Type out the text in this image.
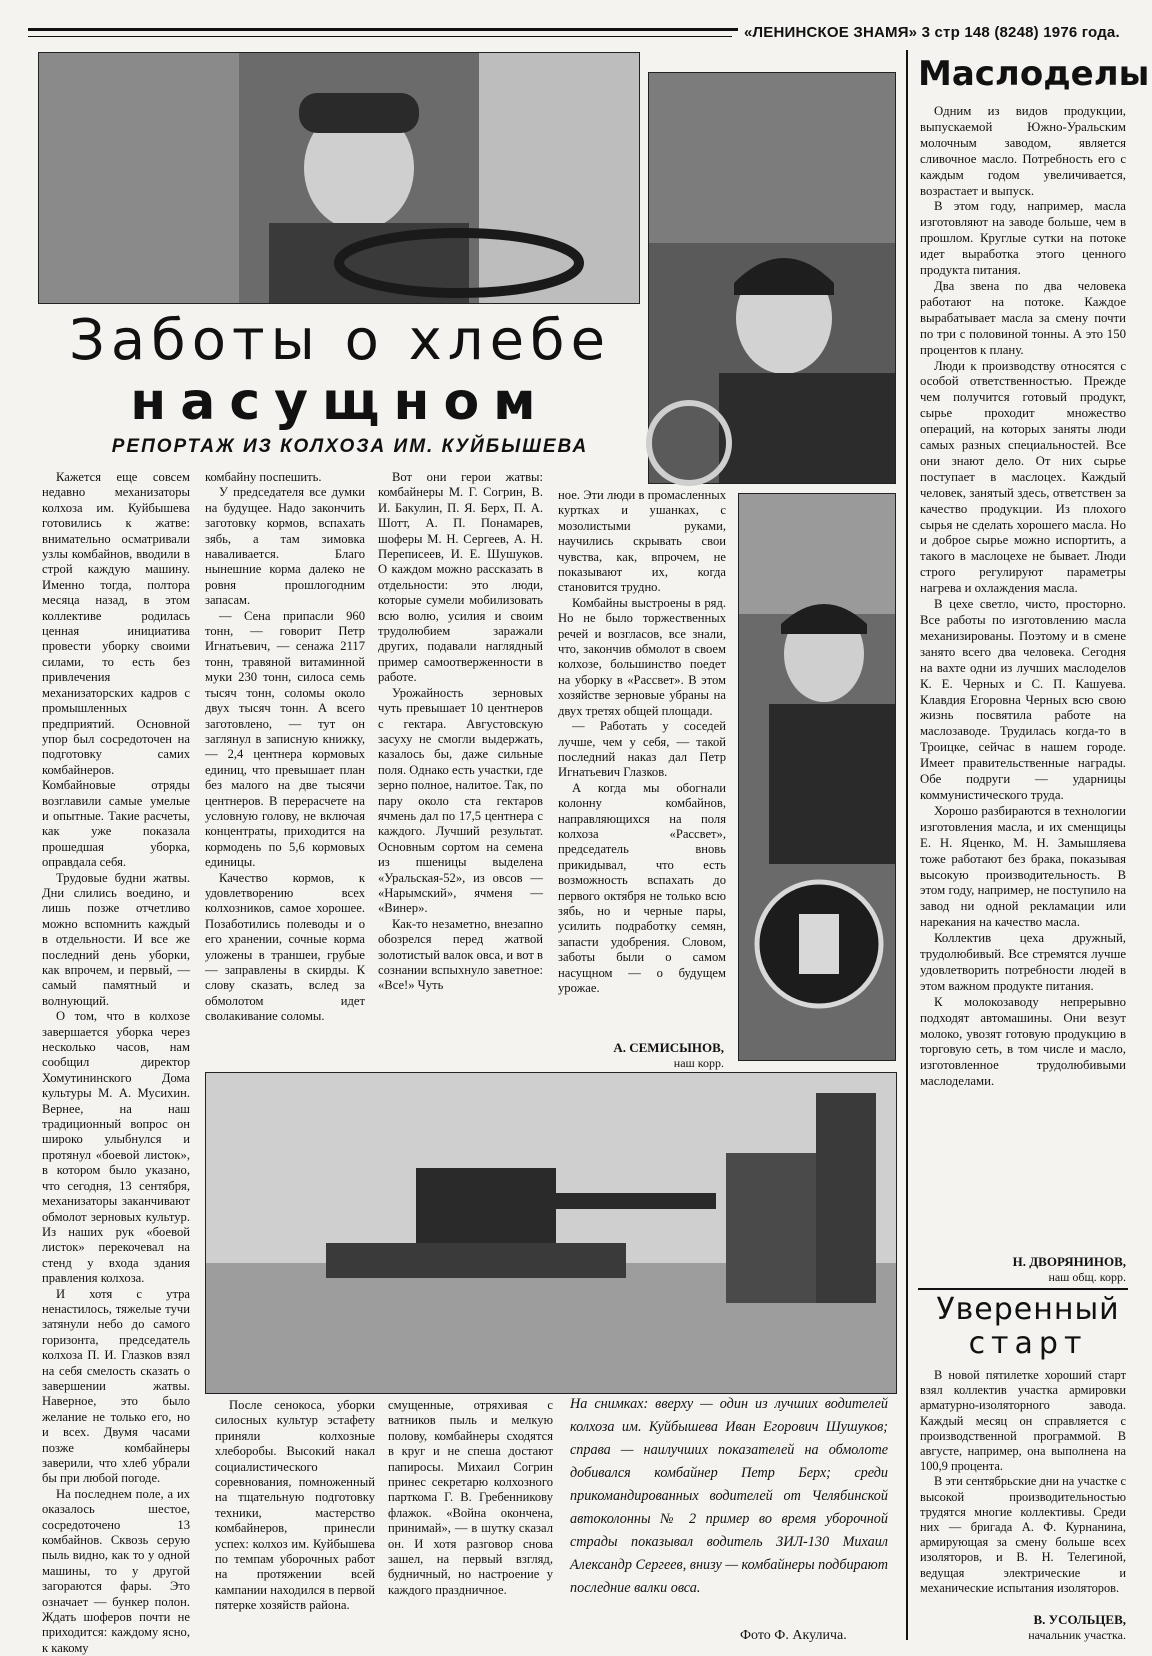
«ЛЕНИНСКОЕ ЗНАМЯ» 3 стр 148 (8248) 1976 года.
Заботы о хлебе
насущном
РЕПОРТАЖ ИЗ КОЛХОЗА ИМ. КУЙБЫШЕВА

Кажется еще совсем недавно механизаторы колхоза им. Куйбышева готовились к жатве: внимательно осматривали узлы комбайнов, вводили в строй каждую машину. Именно тогда, полтора месяца назад, в этом коллективе родилась ценная инициатива провести уборку своими силами, то есть без привлечения механизаторских кадров с промышленных предприятий. Основной упор был сосредоточен на подготовку самих комбайнеров. Комбайновые отряды возглавили самые умелые и опытные. Такие расчеты, как уже показала прошедшая уборка, оправдала себя.

Трудовые будни жатвы. Дни слились воедино, и лишь позже отчетливо можно вспомнить каждый в отдельности. И все же последний день уборки, как впрочем, и первый, — самый памятный и волнующий.

О том, что в колхозе завершается уборка через несколько часов, нам сообщил директор Хомутининского Дома культуры М. А. Мусихин. Вернее, на наш традиционный вопрос он широко улыбнулся и протянул «боевой листок», в котором было указано, что сегодня, 13 сентября, механизаторы заканчивают обмолот зерновых культур. Из наших рук «боевой листок» перекочевал на стенд у входа здания правления колхоза.

И хотя с утра ненастилось, тяжелые тучи затянули небо до самого горизонта, председатель колхоза П. И. Глазков взял на себя смелость сказать о завершении жатвы. Наверное, это было желание не только его, но и всех. Двумя часами позже комбайнеры заверили, что хлеб убрали бы при любой погоде.

На последнем поле, а их оказалось шестое, сосредоточено 13 комбайнов. Сквозь серую пыль видно, как то у одной машины, то у другой загораются фары. Это означает — бункер полон. Ждать шоферов почти не приходится: каждому ясно, к какому

комбайну поспешить.

У председателя все думки на будущее. Надо закончить заготовку кормов, вспахать зябь, а там зимовка наваливается. Благо нынешние корма далеко не ровня прошлогодним запасам.

— Сена припасли 960 тонн, — говорит Петр Игнатьевич, — сенажа 2117 тонн, травяной витаминной муки 230 тонн, силоса семь тысяч тонн, соломы около двух тысяч тонн. А всего заготовлено, — тут он заглянул в записную книжку, — 2,4 центнера кормовых единиц, что превышает план без малого на две тысячи центнеров. В перерасчете на условную голову, не включая концентраты, приходится на кормодень по 5,6 кормовых единицы.

Качество кормов, к удовлетворению всех колхозников, самое хорошее. Позаботились полеводы и о его хранении, сочные корма уложены в траншеи, грубые — заправлены в скирды. К слову сказать, вслед за обмолотом идет сволакивание соломы.

Вот они герои жатвы: комбайнеры М. Г. Согрин, В. И. Бакулин, П. Я. Берх, П. А. Шотт, А. П. Понамарев, шоферы М. Н. Сергеев, А. Н. Переписеев, И. Е. Шушуков. О каждом можно рассказать в отдельности: это люди, которые сумели мобилизовать всю волю, усилия и своим трудолюбием заражали других, подавали наглядный пример самоотверженности в работе.

Урожайность зерновых чуть превышает 10 центнеров с гектара. Августовскую засуху не смогли выдержать, казалось бы, даже сильные поля. Однако есть участки, где зерно полное, налитое. Так, по пару около ста гектаров ячмень дал по 17,5 центнера с каждого. Лучший результат. Основным сортом на семена из пшеницы выделена «Уральская-52», из овсов — «Нарымский», ячменя — «Винер».

Как-то незаметно, внезапно обозрелся перед жатвой золотистый валок овса, и вот в сознании вспыхнуло заветное: «Все!» Чуть

ное. Эти люди в промасленных куртках и ушанках, с мозолистыми руками, научились скрывать свои чувства, как, впрочем, не показывают их, когда становится трудно.

Комбайны выстроены в ряд. Но не было торжественных речей и возгласов, все знали, что, закончив обмолот в своем колхозе, большинство поедет на уборку в «Рассвет». В этом хозяйстве зерновые убраны на двух третях общей площади.

— Работать у соседей лучше, чем у себя, — такой последний наказ дал Петр Игнатьевич Глазков.

А когда мы обогнали колонну комбайнов, направляющихся на поля колхоза «Рассвет», председатель вновь прикидывал, что есть возможность вспахать до первого октября не только всю зябь, но и черные пары, усилить подработку семян, запасти удобрения. Словом, заботы были о самом насущном — о будущем урожае.

А. СЕМИСЫНОВ,
наш корр.

После сенокоса, уборки силосных культур эстафету приняли колхозные хлеборобы. Высокий накал социалистического соревнования, помноженный на тщательную подготовку техники, мастерство комбайнеров, принесли успех: колхоз им. Куйбышева по темпам уборочных работ на протяжении всей кампании находился в первой пятерке хозяйств района.

смущенные, отряхивая с ватников пыль и мелкую полову, комбайнеры сходятся в круг и не спеша достают папиросы. Михаил Согрин принес секретарю колхозного парткома Г. В. Гребенникову флажок. «Война окончена, принимай», — в шутку сказал он. И хотя разговор снова зашел, на первый взгляд, будничный, но настроение у каждого праздничное.

На снимках: вверху — один из лучших водителей колхоза им. Куйбышева Иван Егорович Шушуков; справа — наилучших показателей на обмолоте добивался комбайнер Петр Берх; среди прикомандированных водителей от Челябинской автоколонны № 2 пример во время уборочной страды показывал водитель ЗИЛ-130 Михаил Александр Сергеев, внизу — комбайнеры подбирают последние валки овса.
Фото Ф. Акулича.
Маслоделы

Одним из видов продукции, выпускаемой Южно-Уральским молочным заводом, является сливочное масло. Потребность его с каждым годом увеличивается, возрастает и выпуск.

В этом году, например, масла изготовляют на заводе больше, чем в прошлом. Круглые сутки на потоке идет выработка этого ценного продукта питания.

Два звена по два человека работают на потоке. Каждое вырабатывает масла за смену почти по три с половиной тонны. А это 150 процентов к плану.

Люди к производству относятся с особой ответственностью. Прежде чем получится готовый продукт, сырье проходит множество операций, на которых заняты люди самых разных специальностей. Все они знают дело. От них сырье поступает в маслоцех. Каждый человек, занятый здесь, ответствен за качество продукции. Из плохого сырья не сделать хорошего масла. Но и доброе сырье можно испортить, а такого в маслоцехе не бывает. Люди строго регулируют параметры нагрева и охлаждения масла.

В цехе светло, чисто, просторно. Все работы по изготовлению масла механизированы. Поэтому и в смене занято всего два человека. Сегодня на вахте одни из лучших маслоделов К. Е. Черных и С. П. Кашуева. Клавдия Егоровна Черных всю свою жизнь посвятила работе на маслозаводе. Трудилась когда-то в Троицке, сейчас в нашем городе. Имеет правительственные награды. Обе подруги — ударницы коммунистического труда.

Хорошо разбираются в технологии изготовления масла, и их сменщицы Е. Н. Яценко, М. Н. Замышляева тоже работают без брака, показывая высокую производительность. В этом году, например, не поступило на завод ни одной рекламации или нарекания на качество масла.

Коллектив цеха дружный, трудолюбивый. Все стремятся лучше удовлетворить потребности людей в этом важном продукте питания.

К молокозаводу непрерывно подходят автомашины. Они везут молоко, увозят готовую продукцию в торговую сеть, в том числе и масло, изготовленное трудолюбивыми маслоделами.

Н. ДВОРЯНИНОВ,
наш общ. корр.
Уверенный
старт

В новой пятилетке хороший старт взял коллектив участка армировки арматурно-изоляторного завода. Каждый месяц он справляется с производственной программой. В августе, например, она выполнена на 100,9 процента.

В эти сентябрьские дни на участке с высокой производительностью трудятся многие коллективы. Среди них — бригада А. Ф. Курнанина, армирующая за смену больше всех изоляторов, и В. Н. Телегиной, ведущая электрические и механические испытания изоляторов.

В. УСОЛЬЦЕВ,
начальник участка.
